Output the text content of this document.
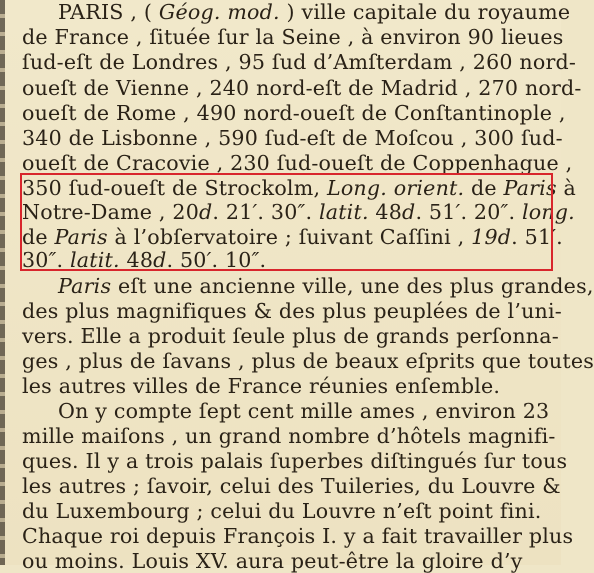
PARIS , ( Géog. mod. ) ville capitale du royaume
de France , ſituée ſur la Seine , à environ 90 lieues
ſud-eſt de Londres , 95 ſud d’Amſterdam , 260 nord-
oueſt de Vienne , 240 nord-eſt de Madrid , 270 nord-
oueſt de Rome , 490 nord-oueſt de Conſtantinople ,
340 de Lisbonne , 590 ſud-eſt de Moſcou , 300 ſud-
oueſt de Cracovie , 230 ſud-oueſt de Coppenhague ,
350 ſud-oueſt de Strockolm, Long. orient. de Paris à
Notre-Dame , 20d. 21′. 30″. latit. 48d. 51′. 20″. long.
de Paris à l’obſervatoire ; ſuivant Caſſini , 19d. 51′.
30″. latit. 48d. 50′. 10″.
Paris eſt une ancienne ville, une des plus grandes,
des plus magnifiques & des plus peuplées de l’uni-
vers. Elle a produit ſeule plus de grands perſonna-
ges , plus de ſavans , plus de beaux eſprits que toutes
les autres villes de France réunies enſemble.
On y compte ſept cent mille ames , environ 23
mille maiſons , un grand nombre d’hôtels magnifi-
ques. Il y a trois palais ſuperbes diſtingués ſur tous
les autres ; ſavoir, celui des Tuileries, du Louvre &
du Luxembourg ; celui du Louvre n’eſt point fini.
Chaque roi depuis François I. y a fait travailler plus
ou moins. Louis XV. aura peut-être la gloire d’y
